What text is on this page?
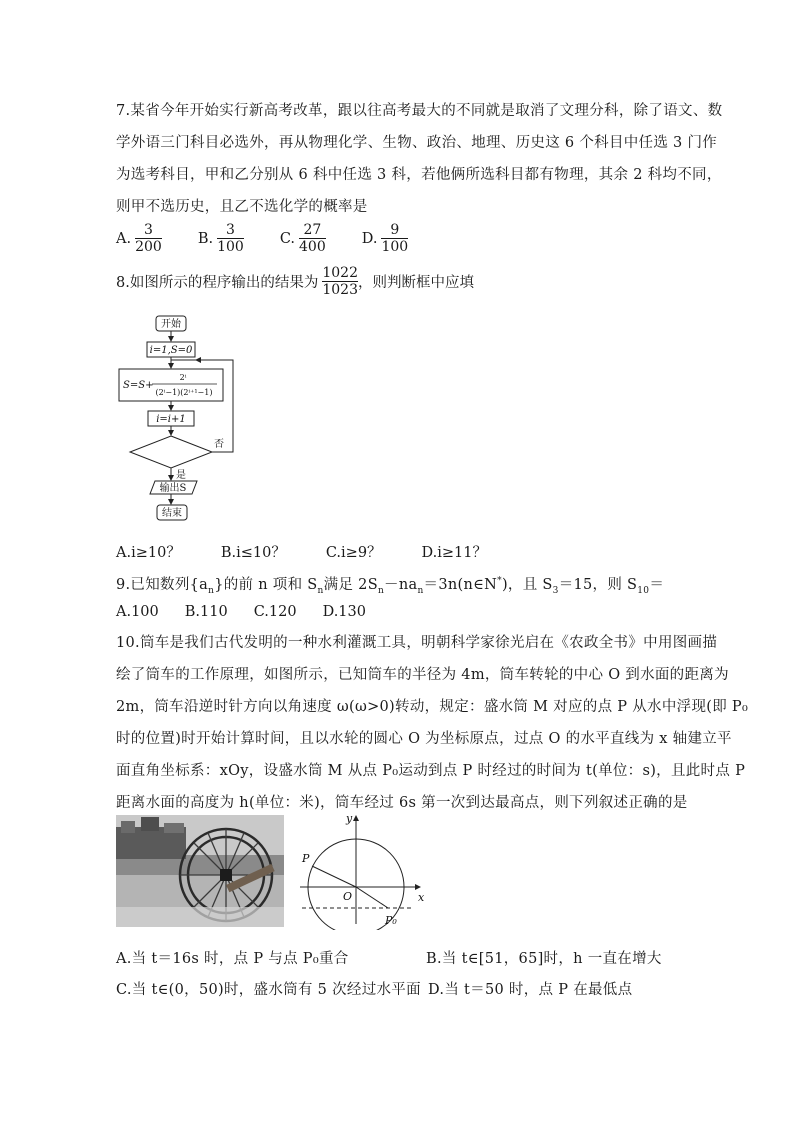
7.某省今年开始实行新高考改革，跟以往高考最大的不同就是取消了文理分科，除了语文、数
学外语三门科目必选外，再从物理化学、生物、政治、地理、历史这 6 个科目中任选 3 门作
为选考科目，甲和乙分别从 6 科中任选 3 科，若他俩所选科目都有物理，其余 2 科均不同，
则甲不选历史，且乙不选化学的概率是
A. $\frac{3}{200} B$. $\frac{3}{100} C$. $\frac{27}{400} D$. $\frac{9}{100}$
8.如图所示的程序输出的结果为 $\frac{1022}{1023}$ ，则判断框中应填
开始
i=1,S=0
S=S+
2ⁱ
(2ⁱ−1)(2ⁱ⁺¹−1)
i=i+1
否
是
输出S
结束
A.i≥10？	B.i≤10？	C.i≥9？	D.i≥11？
9.已知数列$\{a_n\}$的前 n 项和 $S_n$满足 $2S_n-na_n=3n(n\in N^*)$，且 $S_3=15$，则 $S_{10}=$
A.100 B.110 C.120 D.130
10.筒车是我们古代发明的一种水利灌溉工具，明朝科学家徐光启在《农政全书》中用图画描
绘了筒车的工作原理，如图所示，已知筒车的半径为 4m，筒车转轮的中心 O 到水面的距离为
2m，筒车沿逆时针方向以角速度 ω(ω>0)转动，规定：盛水筒 M 对应的点 P 从水中浮现(即 P₀
时的位置)时开始计算时间，且以水轮的圆心 O 为坐标原点，过点 O 的水平直线为 x 轴建立平
面直角坐标系：xOy，设盛水筒 M 从点 P₀运动到点 P 时经过的时间为 t(单位：s)，且此时点 P
距离水面的高度为 h(单位：米)，筒车经过 6s 第一次到达最高点，则下列叙述正确的是
y
x
O
P
P₀
A.当 t＝16s 时，点 P 与点 P₀重合	B.当 t∈[51，65]时，h 一直在增大
C.当 t∈(0，50)时，盛水筒有 5 次经过水平面 D.当 t＝50 时，点 P 在最低点
